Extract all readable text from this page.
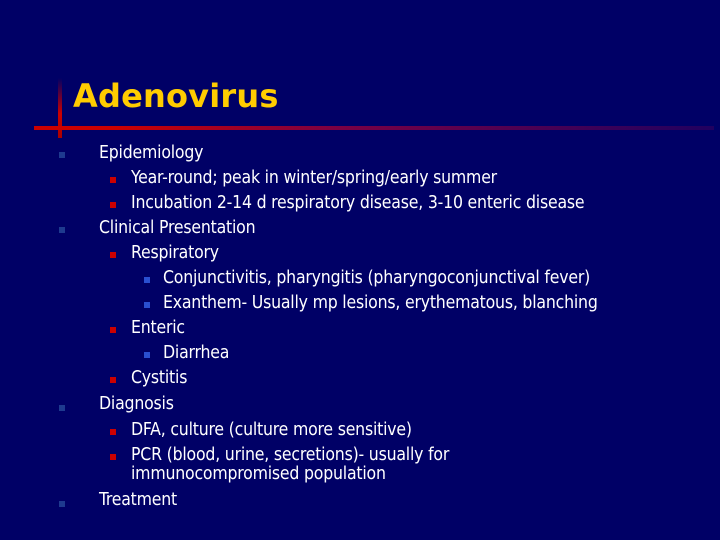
Adenovirus
Epidemiology
Year-round; peak in winter/spring/early summer
Incubation 2-14 d respiratory disease, 3-10 enteric disease
Clinical Presentation
Respiratory
Conjunctivitis, pharyngitis (pharyngoconjunctival fever)
Exanthem- Usually mp lesions, erythematous, blanching
Enteric
Diarrhea
Cystitis
Diagnosis
DFA, culture (culture more sensitive)
PCR (blood, urine, secretions)- usually for
immunocompromised population
Treatment
